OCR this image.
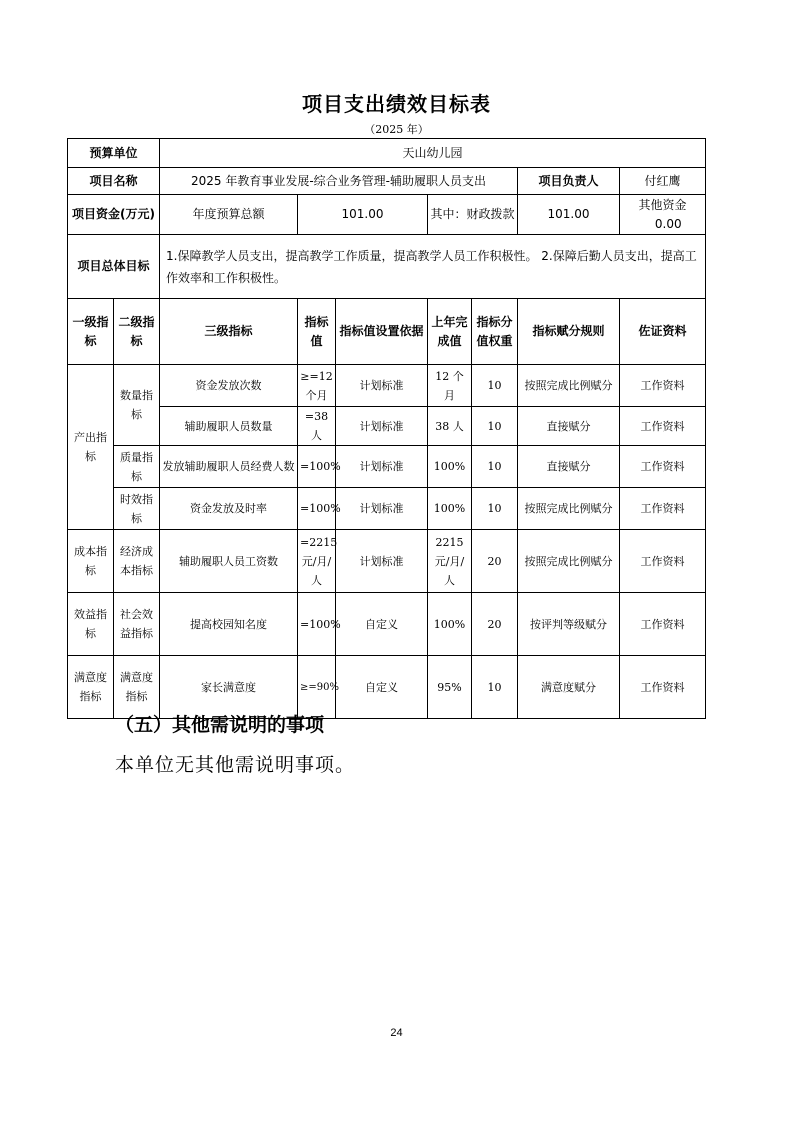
项目支出绩效目标表
（2025 年）
预算单位		天山幼儿园						
项目名称		2025 年教育事业发展-综合业务管理-辅助履职人员支出					项目负责人	付红鹰
项目资金(万元)		年度预算总额	101.00		其中：财政拨款		101.00	其他资金    0.00
项目总体目标		1.保障教学人员支出，提高教学工作质量，提高教学人员工作积极性。 2.保障后勤人员支出，提高工作效率和工作积极性。						
一级指标	二级指标	三级指标	指标值	指标值设置依据	上年完成值	指标分值权重	指标赋分规则	佐证资料
产出指标	数量指标	资金发放次数	≥=12个月	计划标准	12 个月	10	按照完成比例赋分	工作资料
		辅助履职人员数量	=38 人	计划标准	38 人	10	直接赋分	工作资料
	质量指标	发放辅助履职人员经费人数	=100%	计划标准	100%	10	直接赋分	工作资料
	时效指标	资金发放及时率	=100%	计划标准	100%	10	按照完成比例赋分	工作资料
成本指标	经济成本指标	辅助履职人员工资数	=2215元/月/人	计划标准	2215元/月/人	20	按照完成比例赋分	工作资料
效益指标	社会效益指标	提高校园知名度	=100%	自定义	100%	20	按评判等级赋分	工作资料
满意度指标	满意度指标	家长满意度	≥=90%	自定义	95%	10	满意度赋分	工作资料
（五）其他需说明的事项
本单位无其他需说明事项。
24
